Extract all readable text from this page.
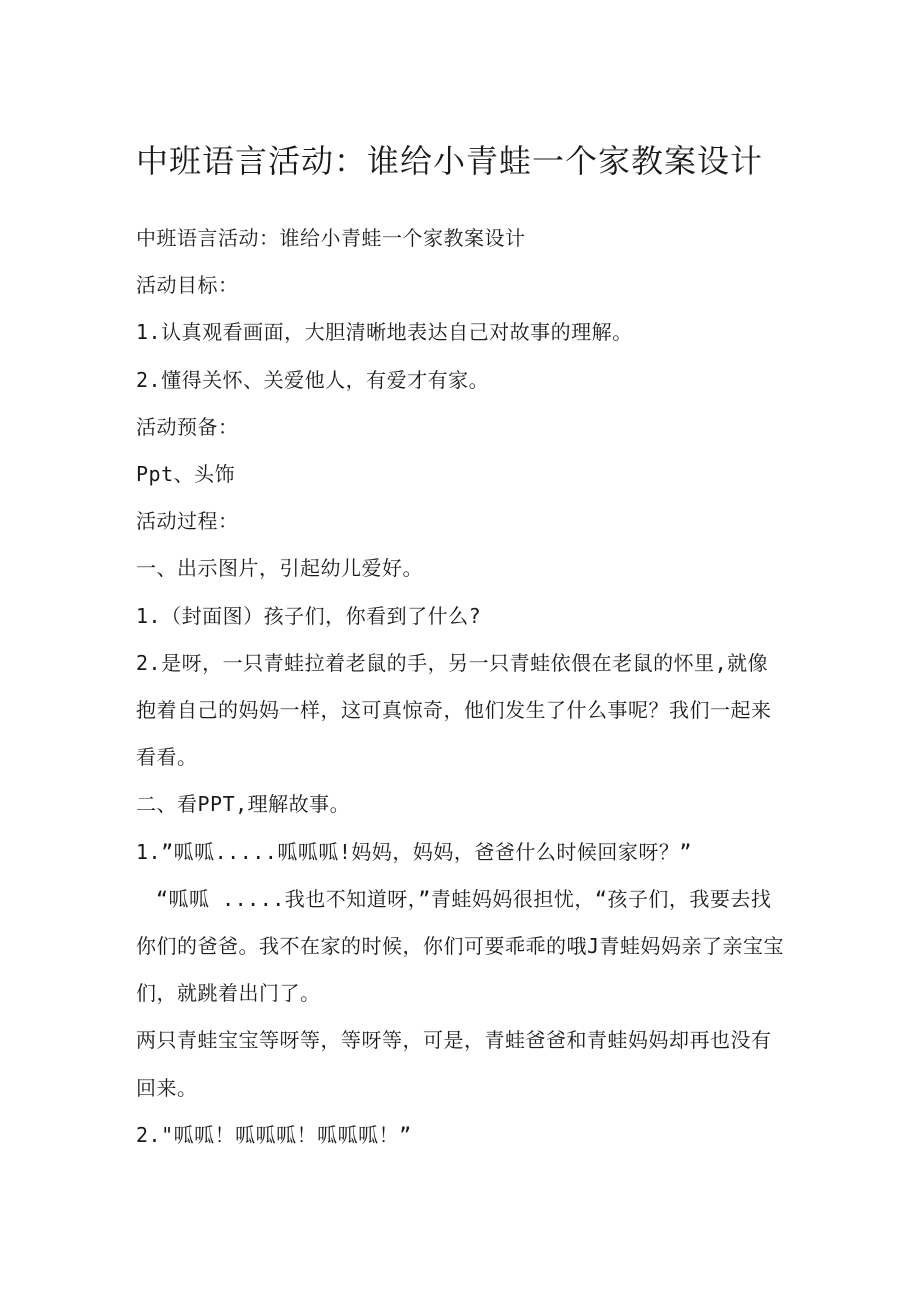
中班语言活动：谁给小青蛙一个家教案设计

中班语言活动：谁给小青蛙一个家教案设计

活动目标：

1.认真观看画面，大胆清晰地表达自己对故事的理解。

2.懂得关怀、关爱他人，有爱才有家。

活动预备：

Ppt、头饰

活动过程：

一、出示图片，引起幼儿爱好。

1.（封面图）孩子们，你看到了什么?

2.是呀，一只青蛙拉着老鼠的手，另一只青蛙依偎在老鼠的怀里,就像抱着自己的妈妈一样，这可真惊奇，他们发生了什么事呢？我们一起来看看。

二、看PPT,理解故事。

1.”呱呱.....呱呱呱!妈妈，妈妈，爸爸什么时候回家呀？”

“呱呱 .....我也不知道呀，”青蛙妈妈很担忧，“孩子们，我要去找你们的爸爸。我不在家的时候，你们可要乖乖的哦J青蛙妈妈亲了亲宝宝们，就跳着出门了。

两只青蛙宝宝等呀等，等呀等，可是，青蛙爸爸和青蛙妈妈却再也没有回来。

2."呱呱！呱呱呱！呱呱呱！”
